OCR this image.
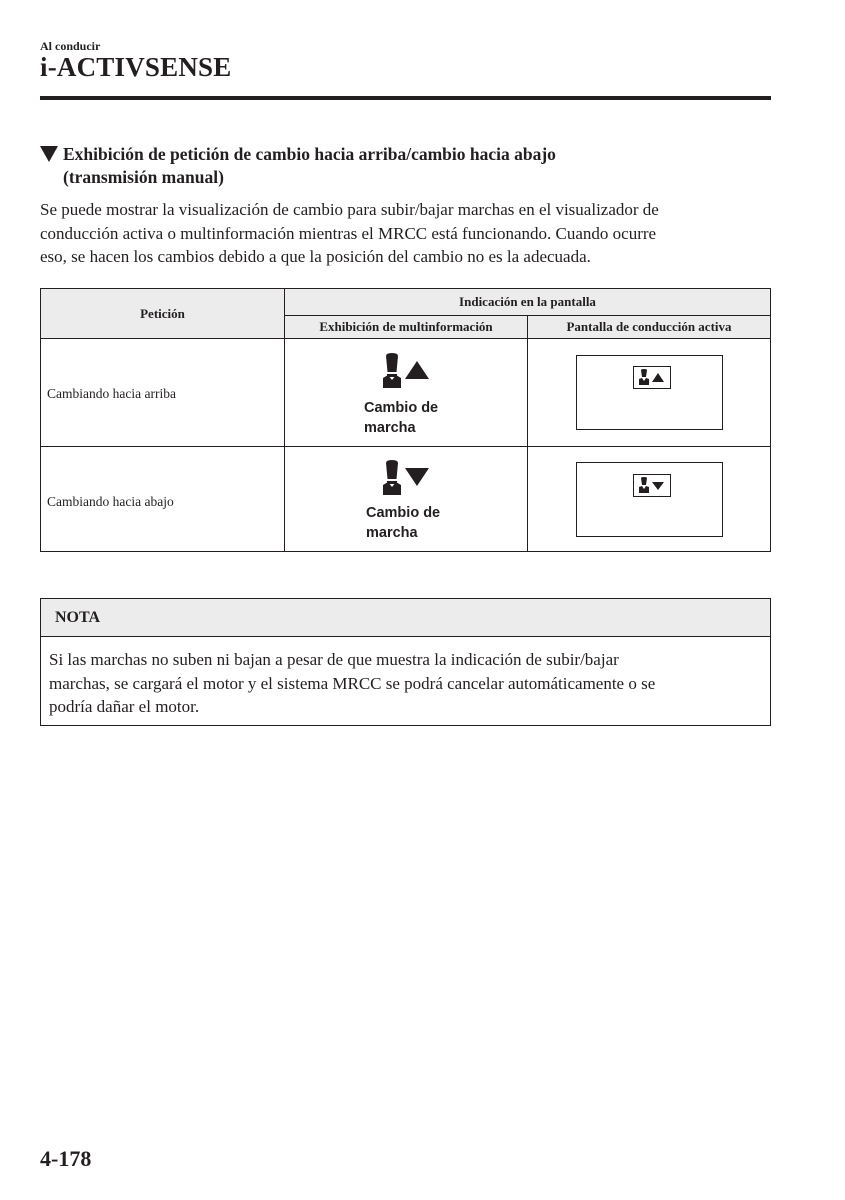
Al conducir
i-ACTIVSENSE
Exhibición de petición de cambio hacia arriba/cambio hacia abajo
(transmisión manual)

Se puede mostrar la visualización de cambio para subir/bajar marchas en el visualizador de

conducción activa o multinformación mientras el MRCC está funcionando. Cuando ocurre

eso, se hacen los cambios debido a que la posición del cambio no es la adecuada.

Petición
Indicación en la pantalla
Exhibición de multinformación	Pantalla de conducción activa
Cambiando hacia arriba
Cambio de
marcha
Cambiando hacia abajo
Cambio de
marcha
NOTA

Si las marchas no suben ni bajan a pesar de que muestra la indicación de subir/bajar

marchas, se cargará el motor y el sistema MRCC se podrá cancelar automáticamente o se

podría dañar el motor.

4-178
